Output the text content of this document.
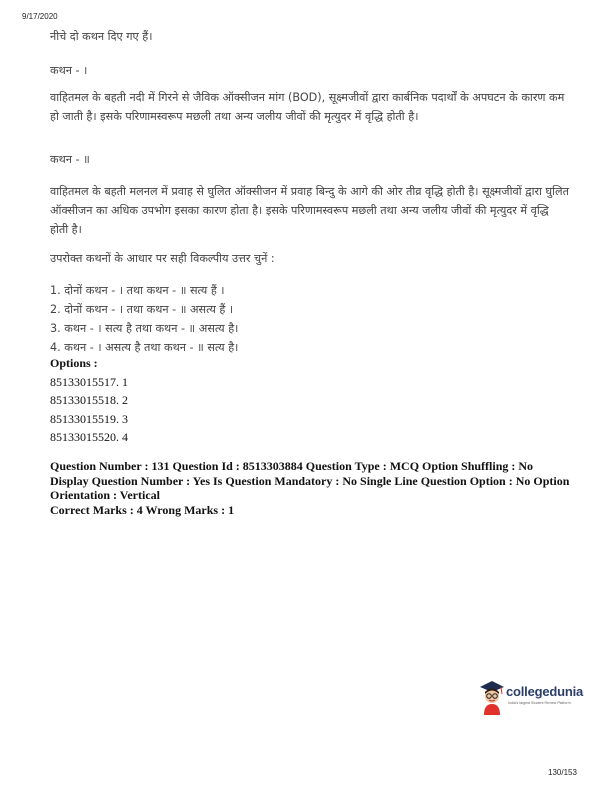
9/17/2020
नीचे दो कथन दिए गए हैं।
कथन - ।
वाहितमल के बहती नदी में गिरने से जैविक ऑक्सीजन मांग (BOD), सूक्ष्मजीवों द्वारा कार्बनिक पदार्थों के अपघटन के कारण कम हो जाती है। इसके परिणामस्वरूप मछली तथा अन्य जलीय जीवों की मृत्युदर में वृद्धि होती है।
कथन - ॥
वाहितमल के बहती मलनल में प्रवाह से घुलित ऑक्सीजन में प्रवाह बिन्दु के आगे की ओर तीव्र वृद्धि होती है। सूक्ष्मजीवों द्वारा घुलित ऑक्सीजन का अधिक उपभोग इसका कारण होता है। इसके परिणामस्वरूप मछली तथा अन्य जलीय जीवों की मृत्युदर में वृद्धि होती है।
उपरोक्त कथनों के आधार पर सही विकल्पीय उत्तर चुनें :
1. दोनों कथन - । तथा कथन - ॥ सत्य हैं ।
2. दोनों कथन - । तथा कथन - ॥ असत्य हैं ।
3. कथन - । सत्य है तथा कथन - ॥ असत्य है।
4. कथन - । असत्य है तथा कथन - ॥ सत्य है।
Options :
85133015517. 1
85133015518. 2
85133015519. 3
85133015520. 4
Question Number : 131 Question Id : 8513303884 Question Type : MCQ Option Shuffling : No
Display Question Number : Yes Is Question Mandatory : No Single Line Question Option : No Option
Orientation : Vertical
Correct Marks : 4 Wrong Marks : 1
collegedunia
India's largest Student Review Platform
130/153
